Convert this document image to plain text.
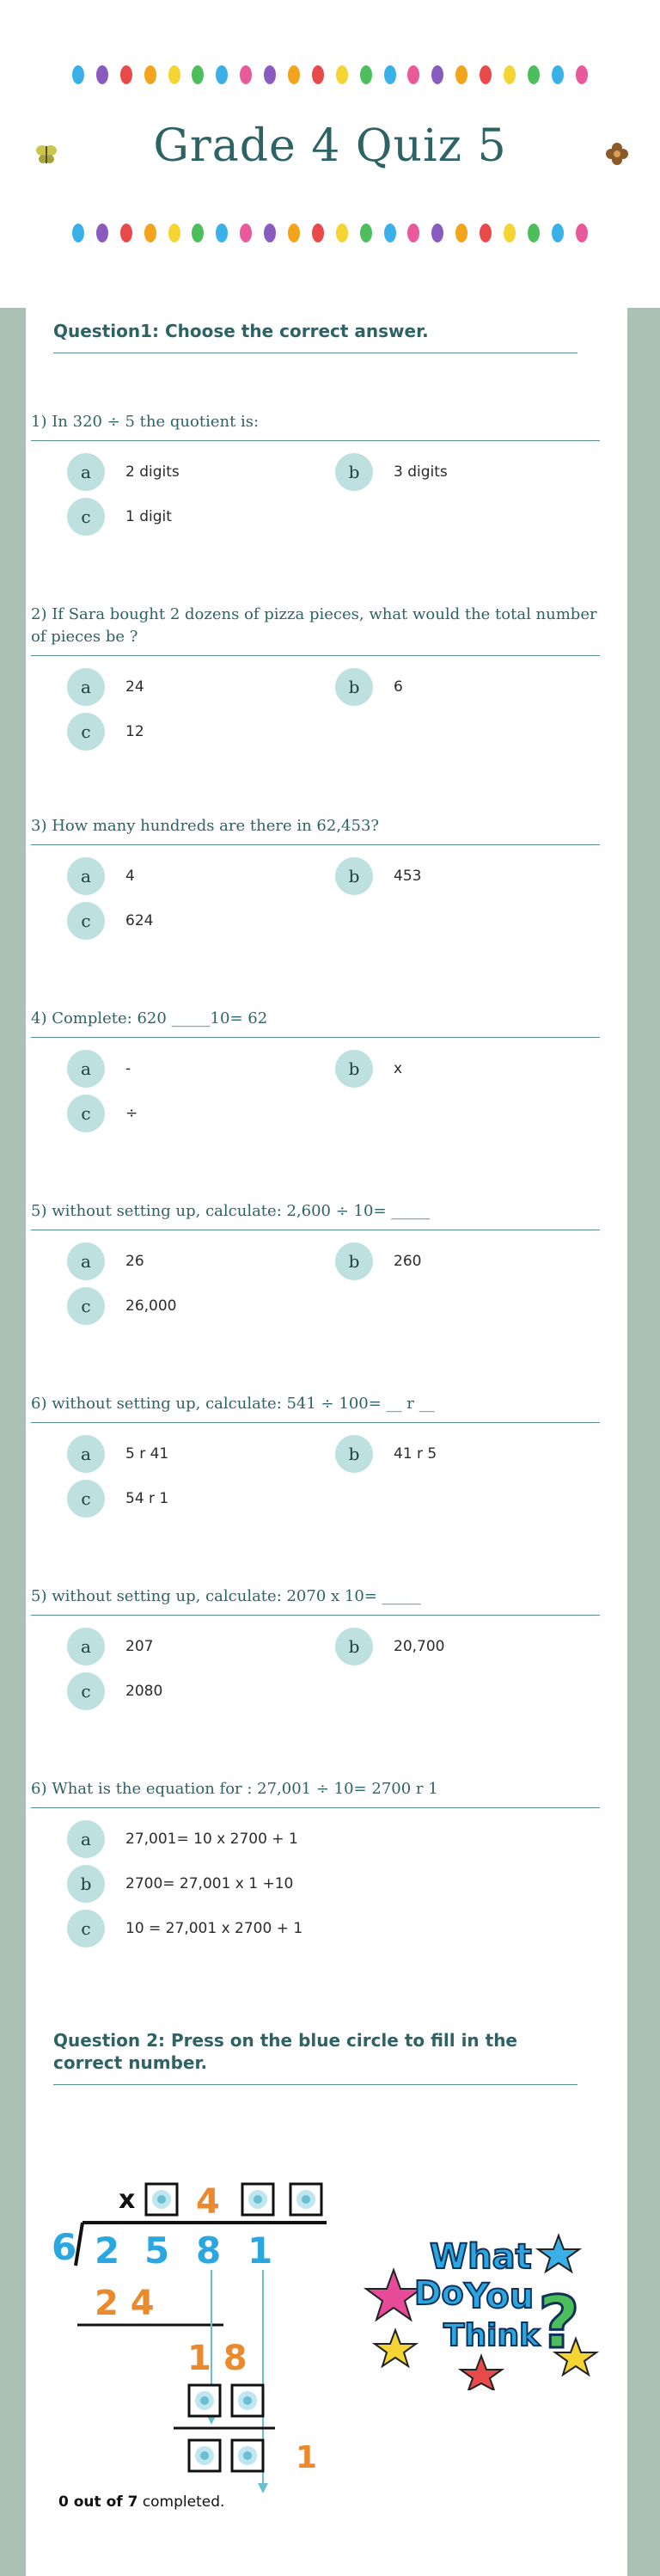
Grade 4 Quiz 5
Question1: Choose the correct answer.
1) In 320 ÷ 5 the quotient is:
a	2 digits	b	3 digits
c	1 digit
2) If Sara bought 2 dozens of pizza pieces, what would the total number of pieces be ?
a	24	b	6
c	12
3) How many hundreds are there in 62,453?
a	4	b	453
c	624
4) Complete: 620 _____10= 62
a	-	b	x
c	÷
5) without setting up, calculate: 2,600 ÷ 10= _____
a	26	b	260
c	26,000
6) without setting up, calculate: 541 ÷ 100= __ r __
a	5 r 41	b	41 r 5
c	54 r 1
5) without setting up, calculate: 2070 x 10= _____
a	207	b	20,700
c	2080
6) What is the equation for : 27,001 ÷ 10= 2700 r 1
a	27,001= 10 x 2700 + 1
b	2700= 27,001 x 1 +10
c	10 = 27,001 x 2700 + 1
Question 2: Press on the blue circle to fill in the correct number.
x 4
6 2 5 8 1
2 4
1 8
1
What
Do You
Think
?
0 out of 7 completed.
